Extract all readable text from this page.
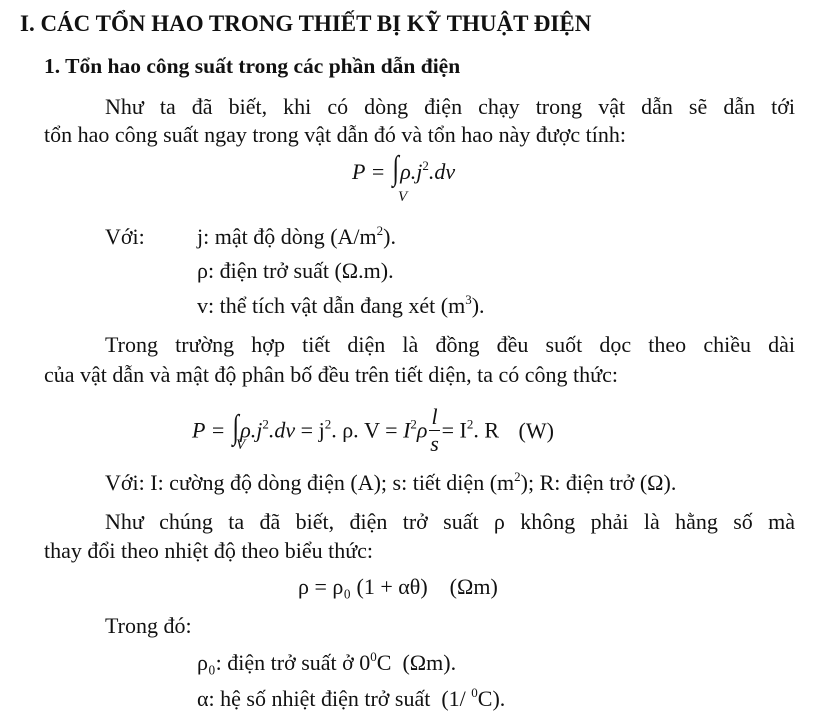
I. CÁC TỔN HAO TRONG THIẾT BỊ KỸ THUẬT ĐIỆN
1. Tổn hao công suất trong các phần dẫn điện
Như ta đã biết, khi có dòng điện chạy trong vật dẫn sẽ dẫn tới
tổn hao công suất ngay trong vật dẫn đó và tổn hao này được tính:
$P = \int\rho.j^2.dv$
V
Với: j: mật độ dòng $(A/m^2)$.
ρ: điện trở suất (Ω.m).
v: thể tích vật dẫn đang xét $(m^3)$.
Trong trường hợp tiết diện là đồng đều suốt dọc theo chiều dài
của vật dẫn và mật độ phân bố đều trên tiết diện, ta có công thức:
$P = \int\rho.j^2.dv = j^2$. ρ. $V = I^2\rho \frac{l}{s} = I^2$. R (W)
V
Với: I: cường độ dòng điện (A); s: tiết diện $(m^2)$; R: điện trở (Ω).
Như chúng ta đã biết, điện trở suất ρ không phải là hằng số mà
thay đổi theo nhiệt độ theo biểu thức:
ρ = ρ₀ (1 + αθ)    (Ωm)
Trong đó:
ρ₀: điện trở suất ở $0^0C$  (Ωm).
α: hệ số nhiệt điện trở suất  (1/ $^0$C).
